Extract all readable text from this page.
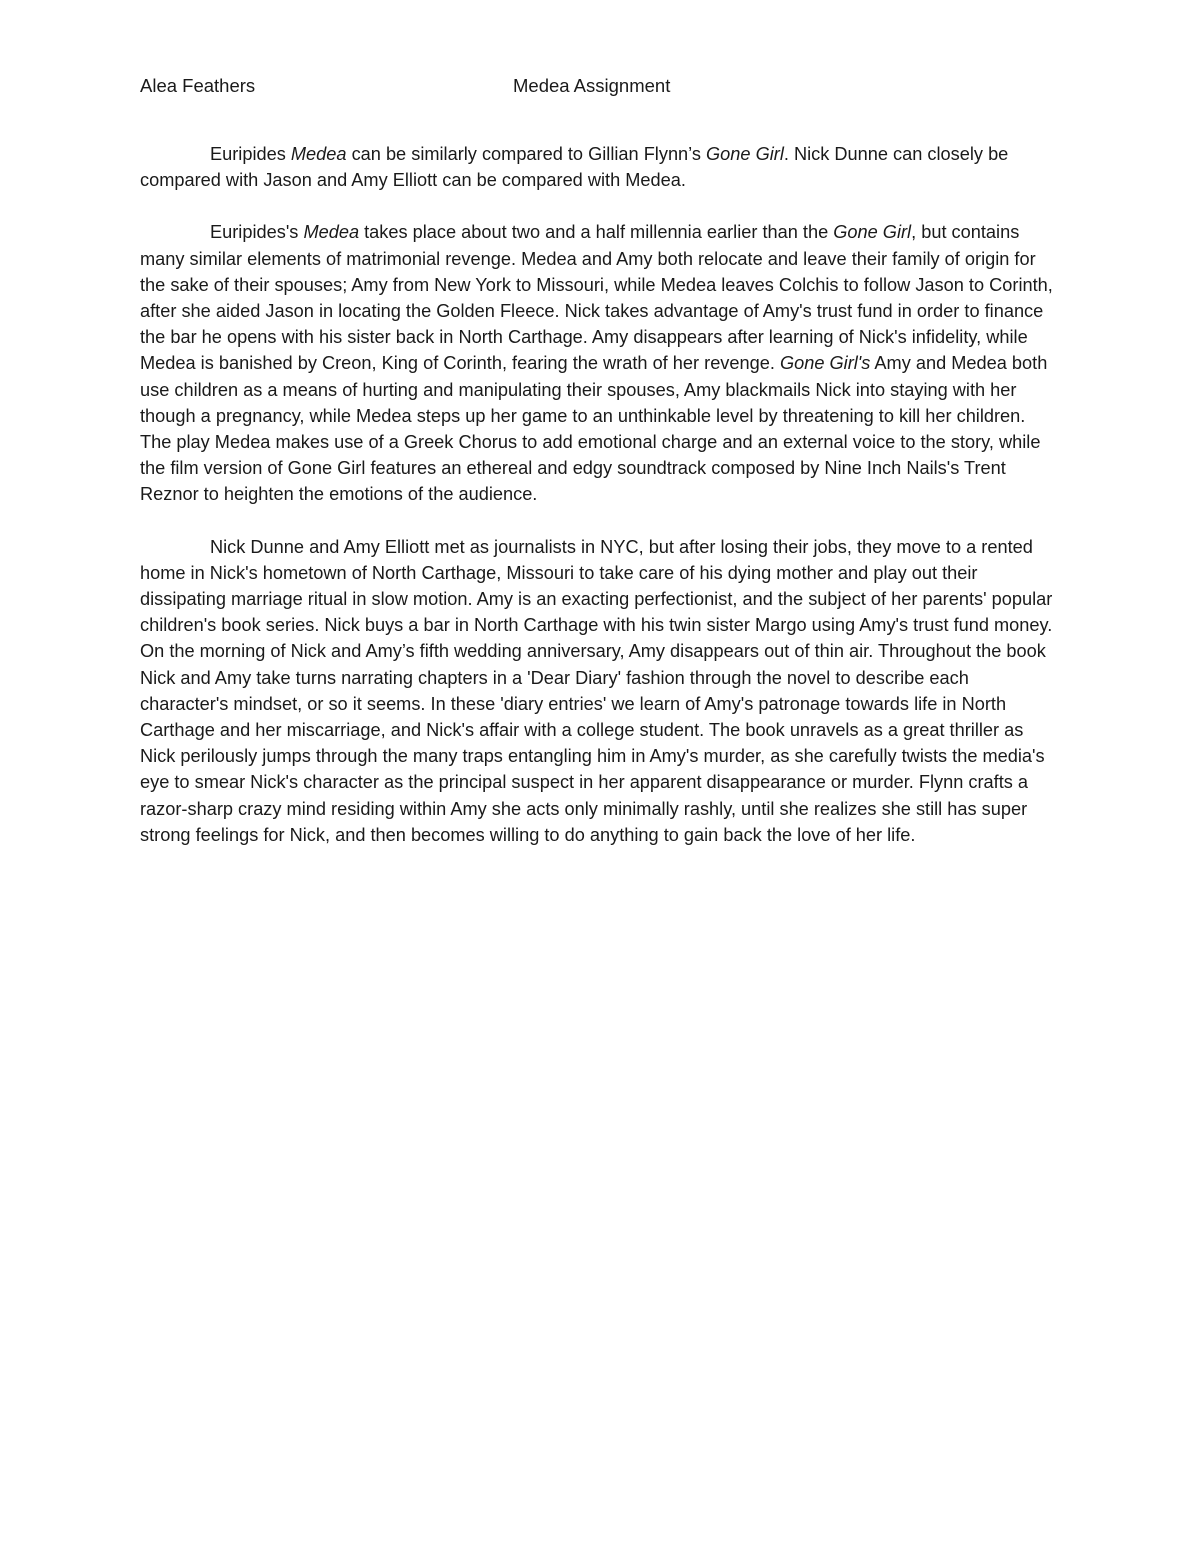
Alea Feathers	Medea Assignment

Euripides Medea can be similarly compared to Gillian Flynn’s Gone Girl. Nick Dunne can closely be compared with Jason and Amy Elliott can be compared with Medea.

Euripides's Medea takes place about two and a half millennia earlier than the Gone Girl, but contains many similar elements of matrimonial revenge. Medea and Amy both relocate and leave their family of origin for the sake of their spouses; Amy from New York to Missouri, while Medea leaves Colchis to follow Jason to Corinth, after she aided Jason in locating the Golden Fleece. Nick takes advantage of Amy's trust fund in order to finance the bar he opens with his sister back in North Carthage. Amy disappears after learning of Nick's infidelity, while Medea is banished by Creon, King of Corinth, fearing the wrath of her revenge. Gone Girl's Amy and Medea both use children as a means of hurting and manipulating their spouses, Amy blackmails Nick into staying with her though a pregnancy, while Medea steps up her game to an unthinkable level by threatening to kill her children. The play Medea makes use of a Greek Chorus to add emotional charge and an external voice to the story, while the film version of Gone Girl features an ethereal and edgy soundtrack composed by Nine Inch Nails's Trent Reznor to heighten the emotions of the audience.

Nick Dunne and Amy Elliott met as journalists in NYC, but after losing their jobs, they move to a rented home in Nick's hometown of North Carthage, Missouri to take care of his dying mother and play out their dissipating marriage ritual in slow motion. Amy is an exacting perfectionist, and the subject of her parents' popular children's book series. Nick buys a bar in North Carthage with his twin sister Margo using Amy's trust fund money. On the morning of Nick and Amy’s fifth wedding anniversary, Amy disappears out of thin air. Throughout the book Nick and Amy take turns narrating chapters in a 'Dear Diary' fashion through the novel to describe each character's mindset, or so it seems. In these 'diary entries' we learn of Amy's patronage towards life in North Carthage and her miscarriage, and Nick's affair with a college student. The book unravels as a great thriller as Nick perilously jumps through the many traps entangling him in Amy's murder, as she carefully twists the media's eye to smear Nick's character as the principal suspect in her apparent disappearance or murder. Flynn crafts a razor-sharp crazy mind residing within Amy she acts only minimally rashly, until she realizes she still has super strong feelings for Nick, and then becomes willing to do anything to gain back the love of her life.
